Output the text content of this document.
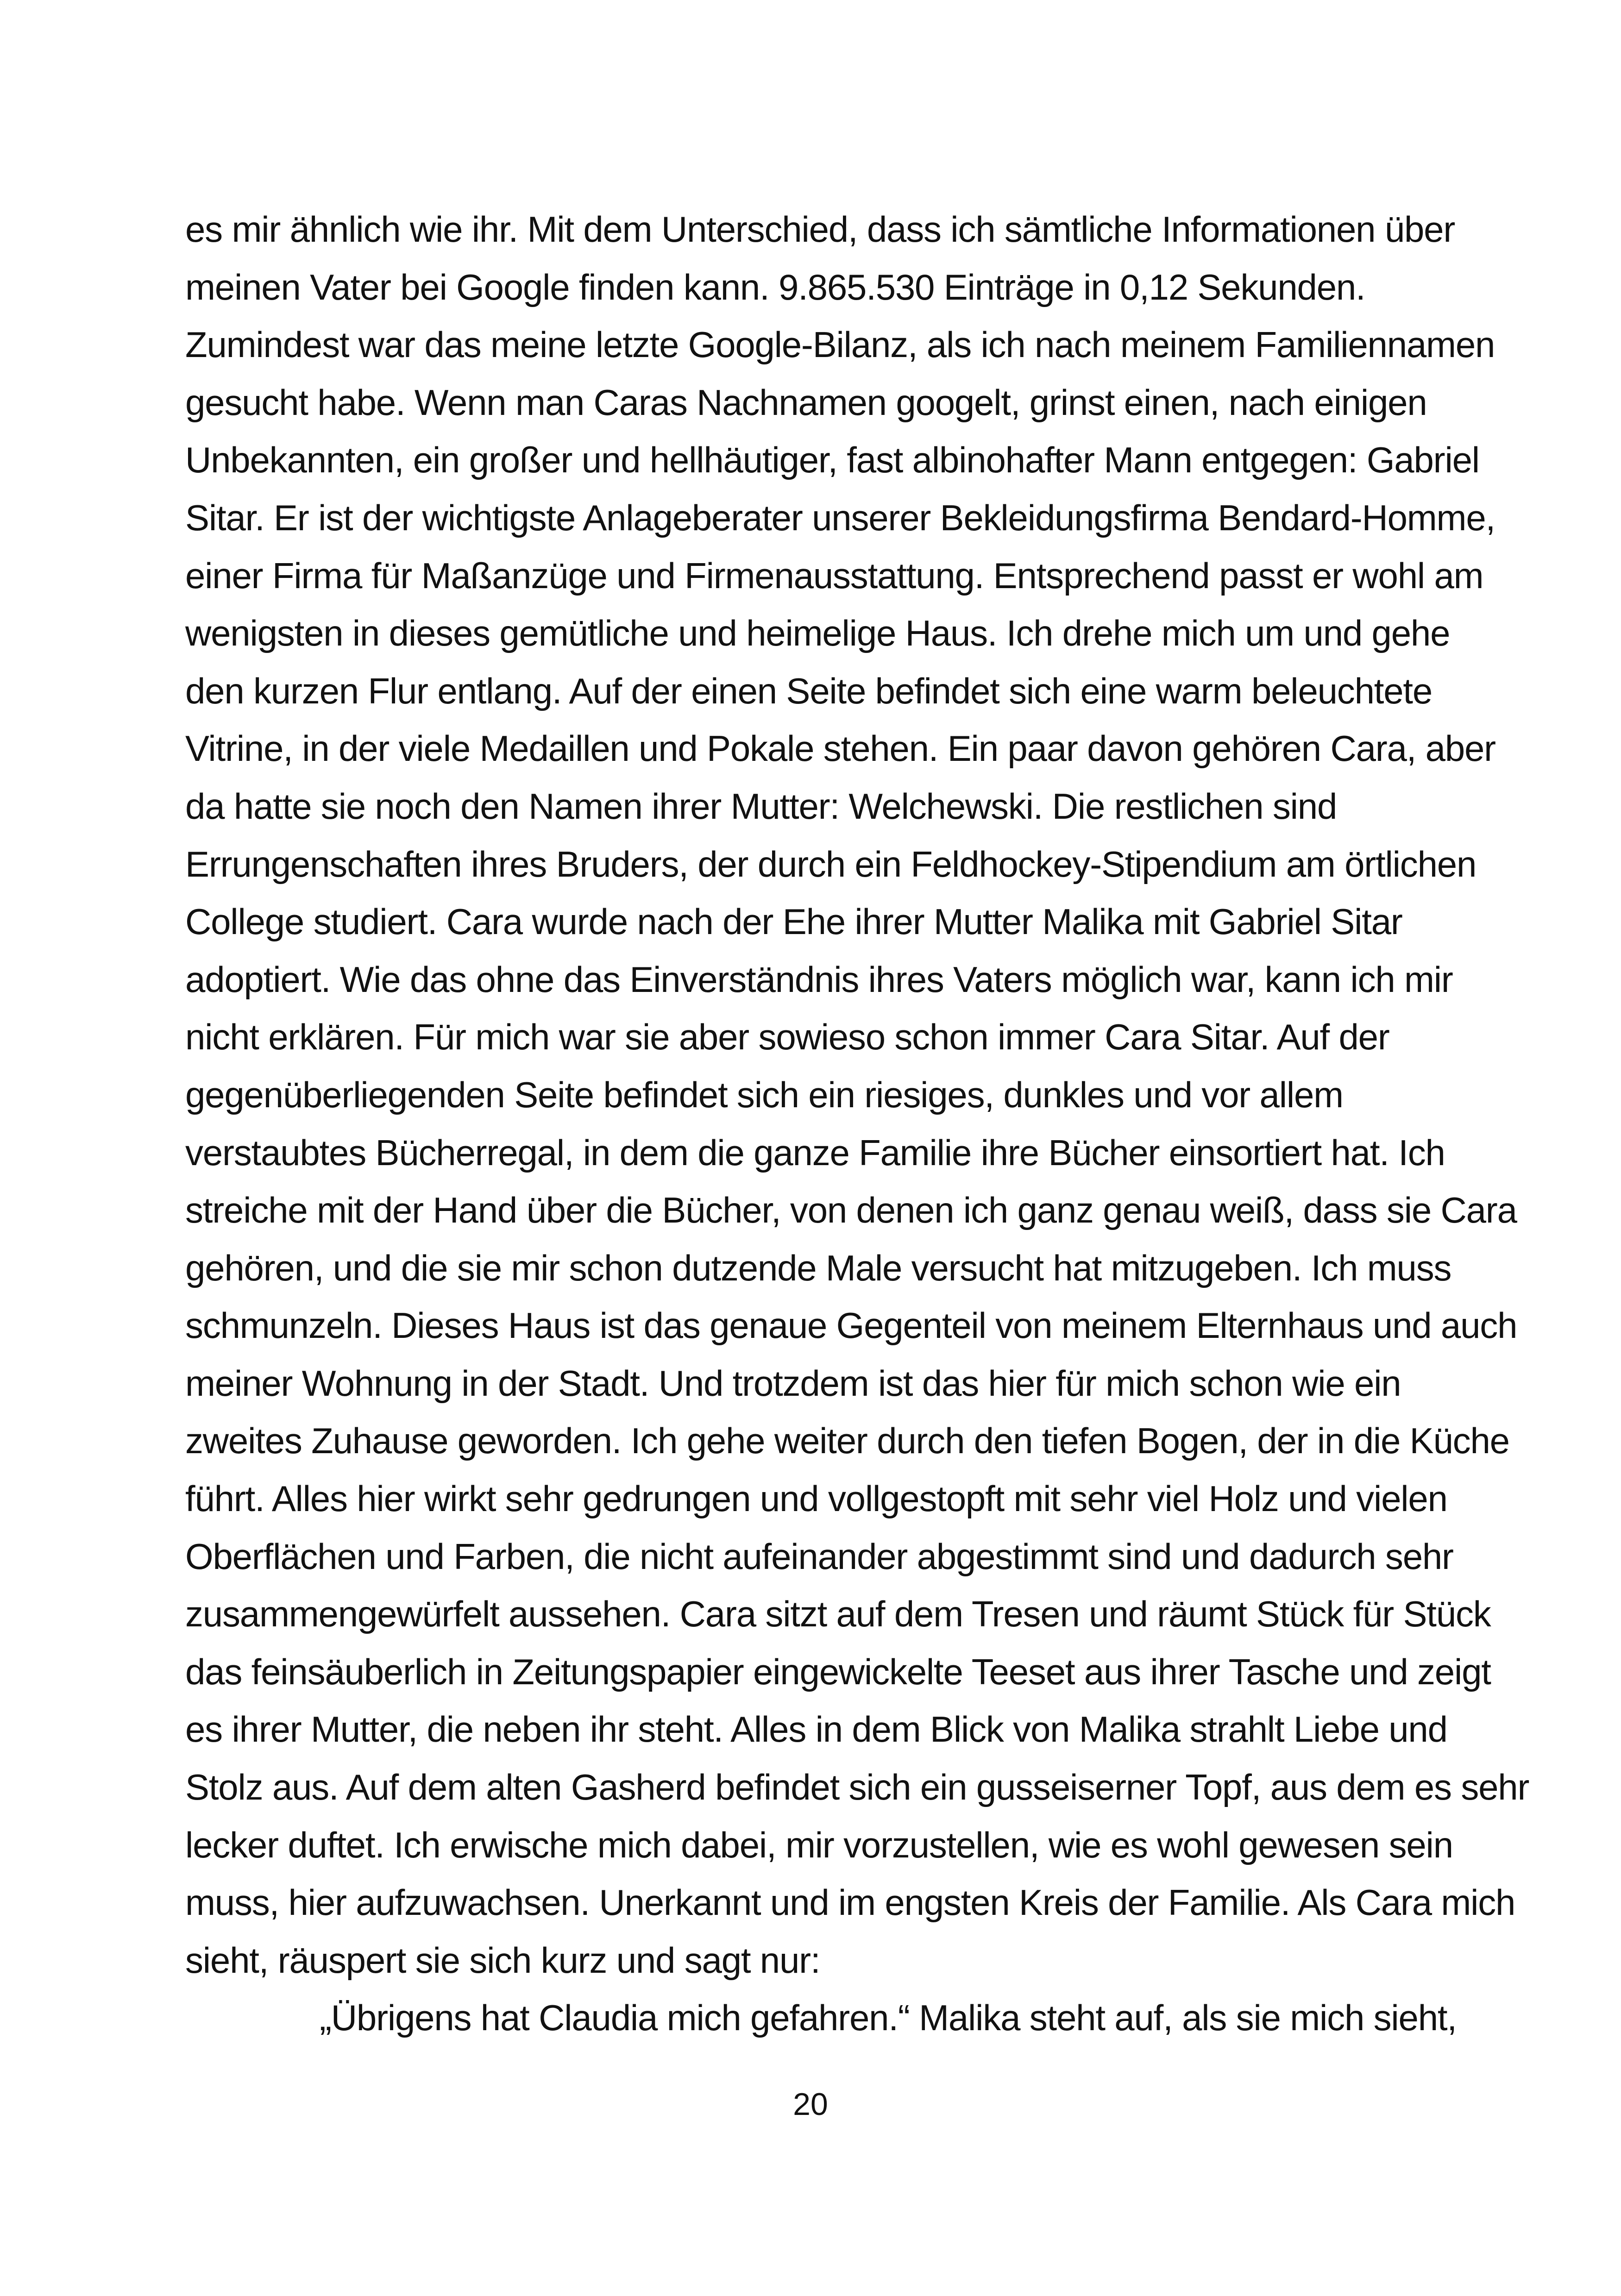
es mir ähnlich wie ihr. Mit dem Unterschied, dass ich sämtliche Informationen über
meinen Vater bei Google finden kann. 9.865.530 Einträge in 0,12 Sekunden.
Zumindest war das meine letzte Google-Bilanz, als ich nach meinem Familiennamen
gesucht habe. Wenn man Caras Nachnamen googelt, grinst einen, nach einigen
Unbekannten, ein großer und hellhäutiger, fast albinohafter Mann entgegen: Gabriel
Sitar. Er ist der wichtigste Anlageberater unserer Bekleidungsfirma Bendard-Homme,
einer Firma für Maßanzüge und Firmenausstattung. Entsprechend passt er wohl am
wenigsten in dieses gemütliche und heimelige Haus. Ich drehe mich um und gehe
den kurzen Flur entlang. Auf der einen Seite befindet sich eine warm beleuchtete
Vitrine, in der viele Medaillen und Pokale stehen. Ein paar davon gehören Cara, aber
da hatte sie noch den Namen ihrer Mutter: Welchewski. Die restlichen sind
Errungenschaften ihres Bruders, der durch ein Feldhockey-Stipendium am örtlichen
College studiert. Cara wurde nach der Ehe ihrer Mutter Malika mit Gabriel Sitar
adoptiert. Wie das ohne das Einverständnis ihres Vaters möglich war, kann ich mir
nicht erklären. Für mich war sie aber sowieso schon immer Cara Sitar. Auf der
gegenüberliegenden Seite befindet sich ein riesiges, dunkles und vor allem
verstaubtes Bücherregal, in dem die ganze Familie ihre Bücher einsortiert hat. Ich
streiche mit der Hand über die Bücher, von denen ich ganz genau weiß, dass sie Cara
gehören, und die sie mir schon dutzende Male versucht hat mitzugeben. Ich muss
schmunzeln. Dieses Haus ist das genaue Gegenteil von meinem Elternhaus und auch
meiner Wohnung in der Stadt. Und trotzdem ist das hier für mich schon wie ein
zweites Zuhause geworden. Ich gehe weiter durch den tiefen Bogen, der in die Küche
führt. Alles hier wirkt sehr gedrungen und vollgestopft mit sehr viel Holz und vielen
Oberflächen und Farben, die nicht aufeinander abgestimmt sind und dadurch sehr
zusammengewürfelt aussehen. Cara sitzt auf dem Tresen und räumt Stück für Stück
das feinsäuberlich in Zeitungspapier eingewickelte Teeset aus ihrer Tasche und zeigt
es ihrer Mutter, die neben ihr steht. Alles in dem Blick von Malika strahlt Liebe und
Stolz aus. Auf dem alten Gasherd befindet sich ein gusseiserner Topf, aus dem es sehr
lecker duftet. Ich erwische mich dabei, mir vorzustellen, wie es wohl gewesen sein
muss, hier aufzuwachsen. Unerkannt und im engsten Kreis der Familie. Als Cara mich
sieht, räuspert sie sich kurz und sagt nur:
„Übrigens hat Claudia mich gefahren.“ Malika steht auf, als sie mich sieht,
20
